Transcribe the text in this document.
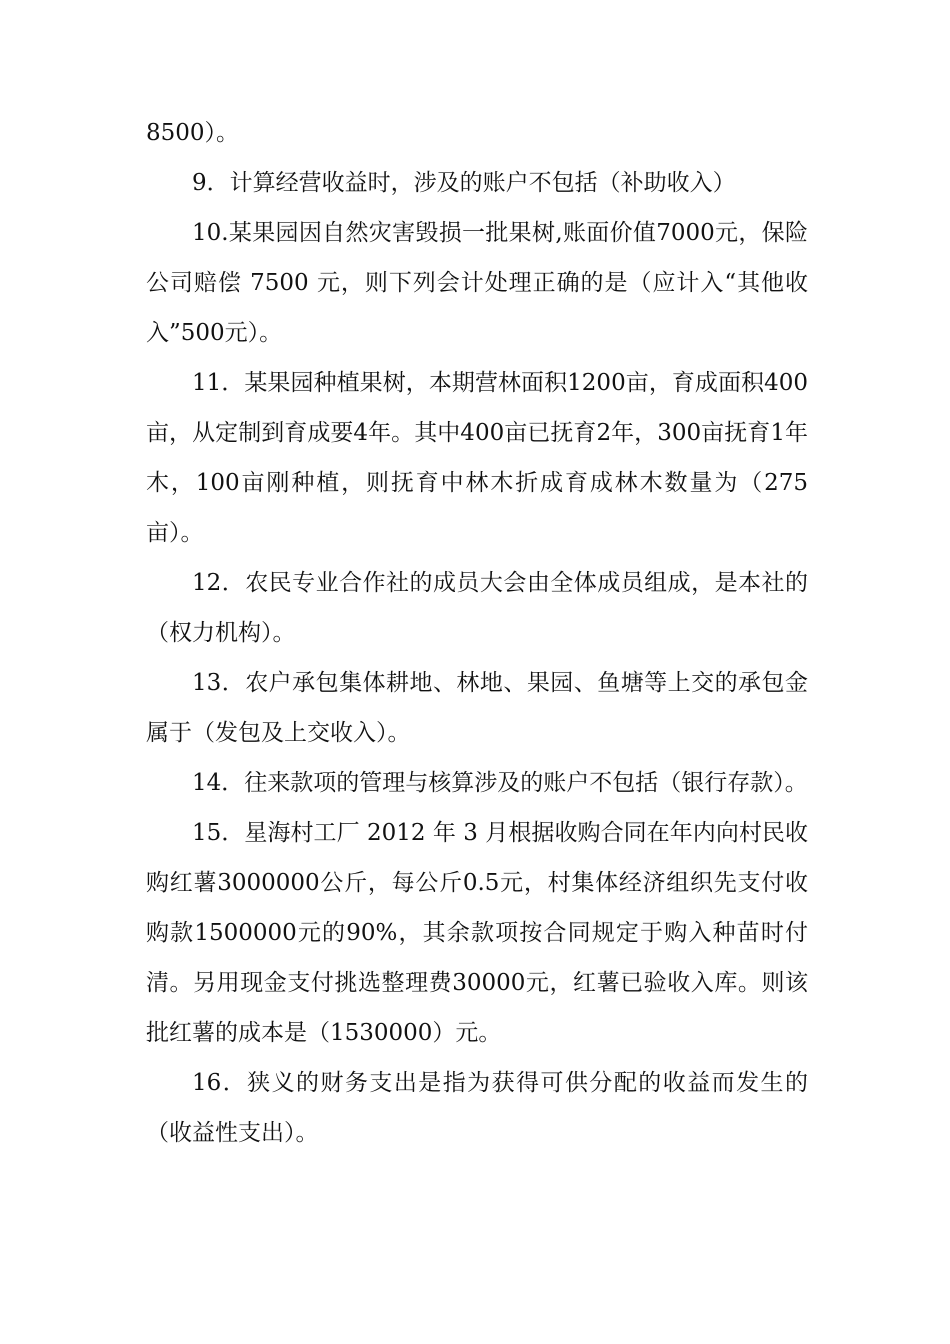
8500）。

9．计算经营收益时，涉及的账户不包括（补助收入）

10.某果园因自然灾害毁损一批果树,账面价值7000元，保险公司赔偿 7500 元，则下列会计处理正确的是（应计入“其他收入”500元）。

11．某果园种植果树，本期营林面积1200亩，育成面积400亩，从定制到育成要4年。其中400亩已抚育2年，300亩抚育1年木，100亩刚种植，则抚育中林木折成育成林木数量为（275亩）。

12．农民专业合作社的成员大会由全体成员组成，是本社的（权力机构）。

13．农户承包集体耕地、林地、果园、鱼塘等上交的承包金属于（发包及上交收入）。

14．往来款项的管理与核算涉及的账户不包括（银行存款）。

15．星海村工厂 2012 年 3 月根据收购合同在年内向村民收购红薯3000000公斤，每公斤0.5元，村集体经济组织先支付收购款1500000元的90%，其余款项按合同规定于购入种苗时付清。另用现金支付挑选整理费30000元，红薯已验收入库。则该批红薯的成本是（1530000）元。

16．狭义的财务支出是指为获得可供分配的收益而发生的（收益性支出）。
